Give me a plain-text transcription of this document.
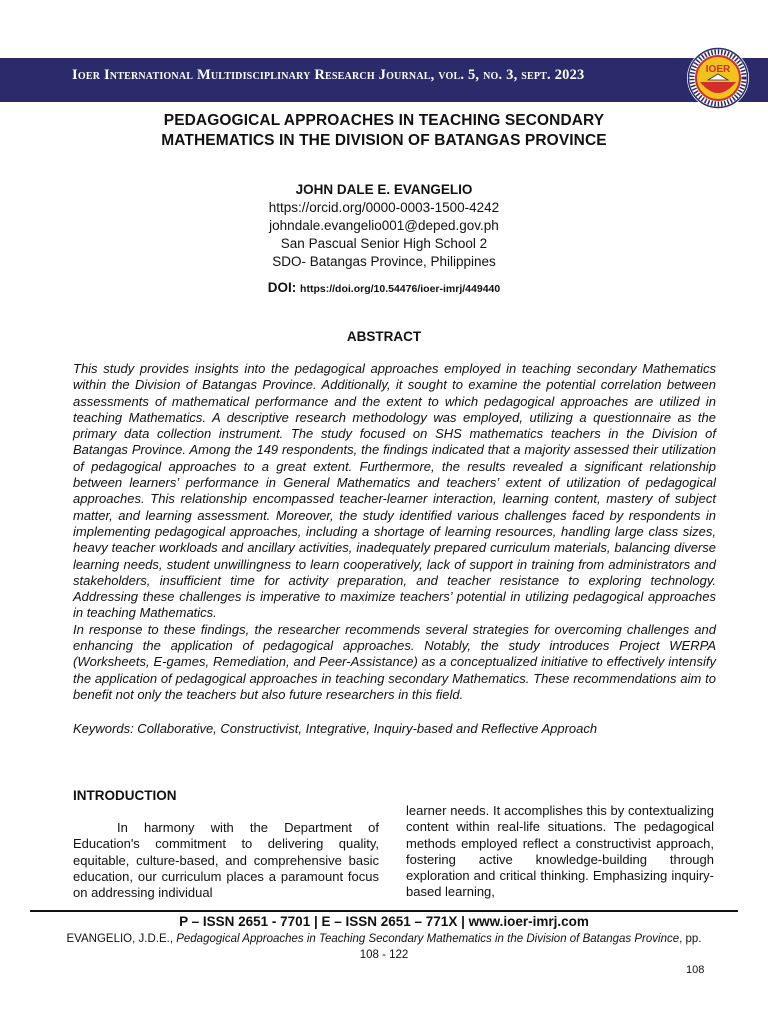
Ioer International Multidisciplinary Research Journal, vol. 5, no. 3, sept. 2023	IOER
PEDAGOGICAL APPROACHES IN TEACHING SECONDARY
MATHEMATICS IN THE DIVISION OF BATANGAS PROVINCE
JOHN DALE E. EVANGELIO
https://orcid.org/0000-0003-1500-4242
johndale.evangelio001@deped.gov.ph
San Pascual Senior High School 2
SDO- Batangas Province, Philippines
DOI: https://doi.org/10.54476/ioer-imrj/449440
ABSTRACT

This study provides insights into the pedagogical approaches employed in teaching secondary Mathematics within the Division of Batangas Province. Additionally, it sought to examine the potential correlation between assessments of mathematical performance and the extent to which pedagogical approaches are utilized in teaching Mathematics. A descriptive research methodology was employed, utilizing a questionnaire as the primary data collection instrument. The study focused on SHS mathematics teachers in the Division of Batangas Province. Among the 149 respondents, the findings indicated that a majority assessed their utilization of pedagogical approaches to a great extent. Furthermore, the results revealed a significant relationship between learners’ performance in General Mathematics and teachers’ extent of utilization of pedagogical approaches. This relationship encompassed teacher-learner interaction, learning content, mastery of subject matter, and learning assessment. Moreover, the study identified various challenges faced by respondents in implementing pedagogical approaches, including a shortage of learning resources, handling large class sizes, heavy teacher workloads and ancillary activities, inadequately prepared curriculum materials, balancing diverse learning needs, student unwillingness to learn cooperatively, lack of support in training from administrators and stakeholders, insufficient time for activity preparation, and teacher resistance to exploring technology. Addressing these challenges is imperative to maximize teachers’ potential in utilizing pedagogical approaches in teaching Mathematics.

In response to these findings, the researcher recommends several strategies for overcoming challenges and enhancing the application of pedagogical approaches. Notably, the study introduces Project WERPA (Worksheets, E-games, Remediation, and Peer-Assistance) as a conceptualized initiative to effectively intensify the application of pedagogical approaches in teaching secondary Mathematics. These recommendations aim to benefit not only the teachers but also future researchers in this field.

Keywords: Collaborative, Constructivist, Integrative, Inquiry-based and Reflective Approach
INTRODUCTION
In harmony with the Department of Education's commitment to delivering quality, equitable, culture-based, and comprehensive basic education, our curriculum places a paramount focus on addressing individual
learner needs. It accomplishes this by contextualizing content within real-life situations. The pedagogical methods employed reflect a constructivist approach, fostering active knowledge-building through exploration and critical thinking. Emphasizing inquiry-based learning,
P – ISSN 2651 - 7701 | E – ISSN 2651 – 771X | www.ioer-imrj.com
EVANGELIO, J.D.E., Pedagogical Approaches in Teaching Secondary Mathematics in the Division of Batangas Province, pp. 108 - 122
108
